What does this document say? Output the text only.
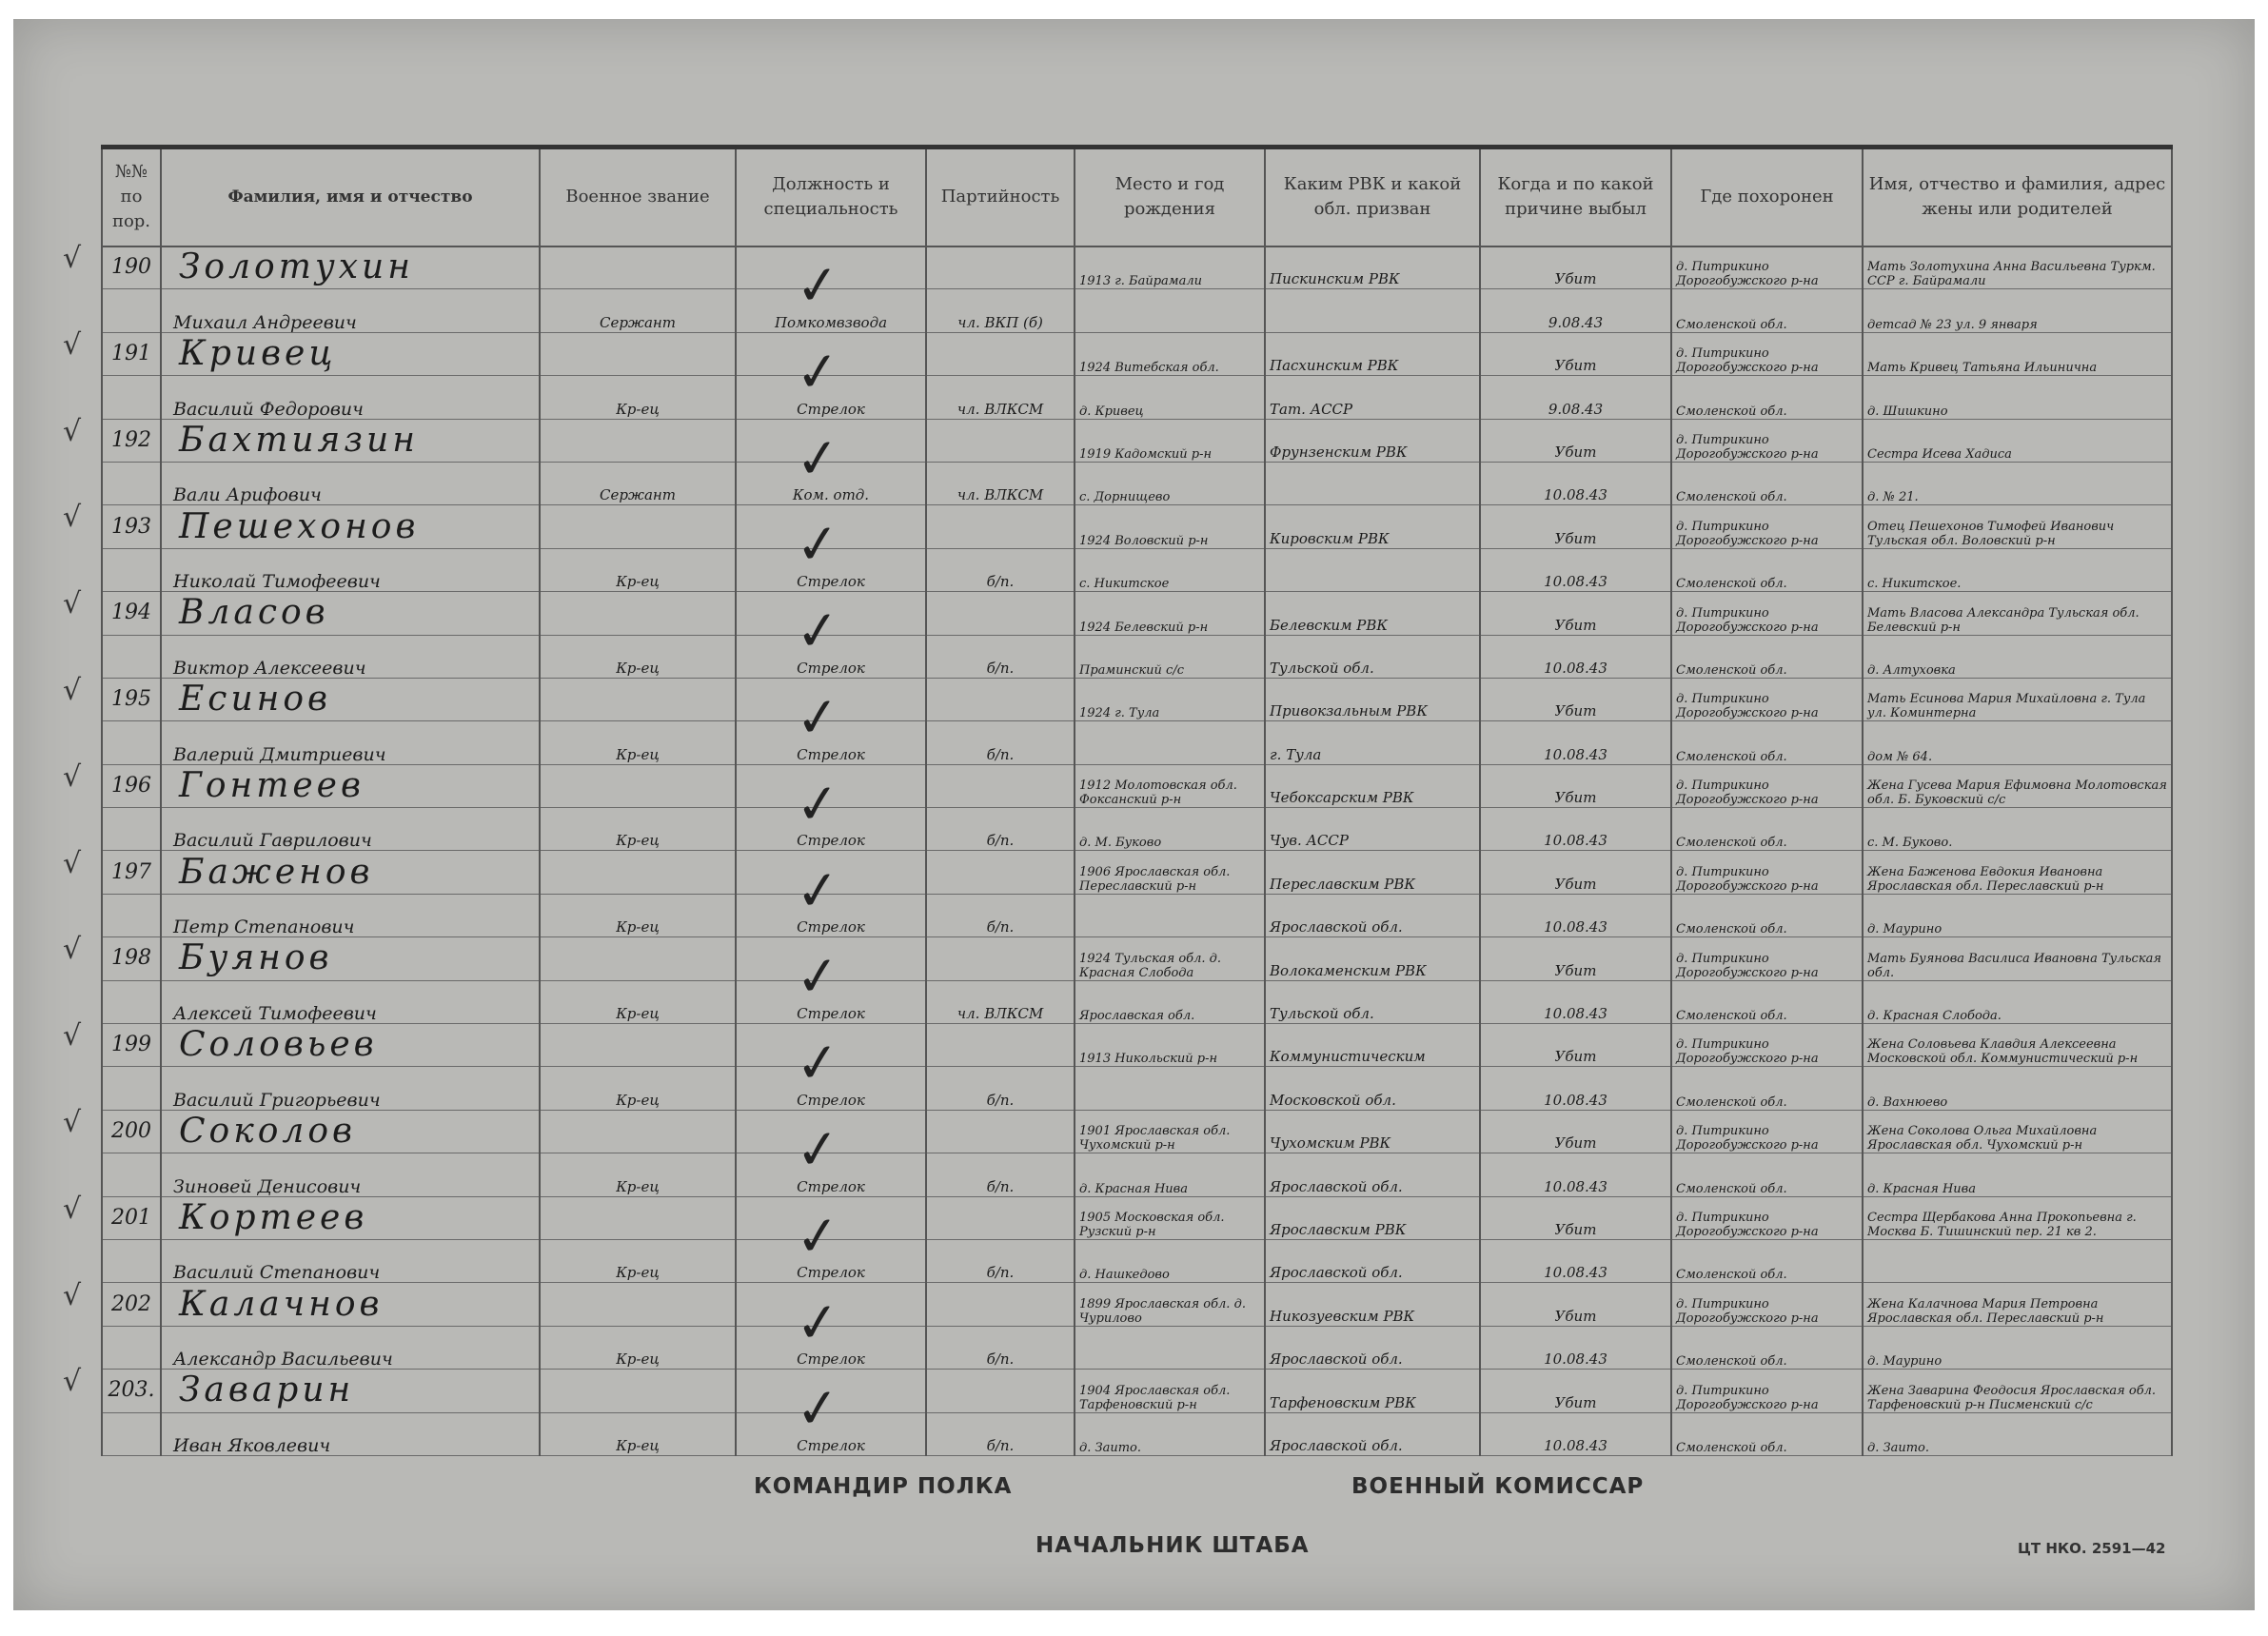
№№ по пор.	Фамилия, имя и отчество	Военное звание	Должность и специальность	Партийность	Место и год рождения	Каким РВК и какой обл. призван	Когда и по какой причине выбыл	Где похоронен	Имя, отчество и фамилия, адрес жены или родителей
190	Золотухин				1913 г. Байрамали	Пискинским РВК	Убит	д. Питрикино Дорогобужского р-на	Мать Золотухина Анна Васильевна Туркм. ССР г. Байрамали
	Михаил Андреевич	Сержант	Помкомвзвода	чл. ВКП (б)			9.08.43	Смоленской обл.	детсад № 23 ул. 9 января
191	Кривец				1924 Витебская обл.	Пасхинским РВК	Убит	д. Питрикино Дорогобужского р-на	Мать Кривец Татьяна Ильинична
	Василий Федорович	Кр-ец	Стрелок	чл. ВЛКСМ	д. Кривец	Тат. АССР	9.08.43	Смоленской обл.	д. Шишкино
192	Бахтиязин				1919 Кадомский р-н	Фрунзенским РВК	Убит	д. Питрикино Дорогобужского р-на	Сестра Исева Хадиса
	Вали Арифович	Сержант	Ком. отд.	чл. ВЛКСМ	с. Дорнищево		10.08.43	Смоленской обл.	д. № 21.
193	Пешехонов				1924 Воловский р-н	Кировским РВК	Убит	д. Питрикино Дорогобужского р-на	Отец Пешехонов Тимофей Иванович Тульская обл. Воловский р-н
	Николай Тимофеевич	Кр-ец	Стрелок	б/п.	с. Никитское		10.08.43	Смоленской обл.	с. Никитское.
194	Власов				1924 Белевский р-н	Белевским РВК	Убит	д. Питрикино Дорогобужского р-на	Мать Власова Александра Тульская обл. Белевский р-н
	Виктор Алексеевич	Кр-ец	Стрелок	б/п.	Праминский с/с	Тульской обл.	10.08.43	Смоленской обл.	д. Алтуховка
195	Есинов				1924 г. Тула	Привокзальным РВК	Убит	д. Питрикино Дорогобужского р-на	Мать Есинова Мария Михайловна г. Тула ул. Коминтерна
	Валерий Дмитриевич	Кр-ец	Стрелок	б/п.		г. Тула	10.08.43	Смоленской обл.	дом № 64.
196	Гонтеев				1912 Молотовская обл. Фоксанский р-н	Чебоксарским РВК	Убит	д. Питрикино Дорогобужского р-на	Жена Гусева Мария Ефимовна Молотовская обл. Б. Буковский с/с
	Василий Гаврилович	Кр-ец	Стрелок	б/п.	д. М. Буково	Чув. АССР	10.08.43	Смоленской обл.	с. М. Буково.
197	Баженов				1906 Ярославская обл. Переславский р-н	Переславским РВК	Убит	д. Питрикино Дорогобужского р-на	Жена Баженова Евдокия Ивановна Ярославская обл. Переславский р-н
	Петр Степанович	Кр-ец	Стрелок	б/п.		Ярославской обл.	10.08.43	Смоленской обл.	д. Маурино
198	Буянов				1924 Тульская обл. д. Красная Слобода	Волокаменским РВК	Убит	д. Питрикино Дорогобужского р-на	Мать Буянова Василиса Ивановна Тульская обл.
	Алексей Тимофеевич	Кр-ец	Стрелок	чл. ВЛКСМ	Ярославская обл.	Тульской обл.	10.08.43	Смоленской обл.	д. Красная Слобода.
199	Соловьев				1913 Никольский р-н	Коммунистическим	Убит	д. Питрикино Дорогобужского р-на	Жена Соловьева Клавдия Алексеевна Московской обл. Коммунистический р-н
	Василий Григорьевич	Кр-ец	Стрелок	б/п.		Московской обл.	10.08.43	Смоленской обл.	д. Вахнюево
200	Соколов				1901 Ярославская обл. Чухомский р-н	Чухомским РВК	Убит	д. Питрикино Дорогобужского р-на	Жена Соколова Ольга Михайловна Ярославская обл. Чухомский р-н
	Зиновей Денисович	Кр-ец	Стрелок	б/п.	д. Красная Нива	Ярославской обл.	10.08.43	Смоленской обл.	д. Красная Нива
201	Кортеев				1905 Московская обл. Рузский р-н	Ярославским РВК	Убит	д. Питрикино Дорогобужского р-на	Сестра Щербакова Анна Прокопьевна г. Москва Б. Тишинский пер. 21 кв 2.
	Василий Степанович	Кр-ец	Стрелок	б/п.	д. Нашкедово	Ярославской обл.	10.08.43	Смоленской обл.	
202	Калачнов				1899 Ярославская обл. д. Чурилово	Никозуевским РВК	Убит	д. Питрикино Дорогобужского р-на	Жена Калачнова Мария Петровна Ярославская обл. Переславский р-н
	Александр Васильевич	Кр-ец	Стрелок	б/п.		Ярославской обл.	10.08.43	Смоленской обл.	д. Маурино
203.	Заварин				1904 Ярославская обл. Тарфеновский р-н	Тарфеновским РВК	Убит	д. Питрикино Дорогобужского р-на	Жена Заварина Феодосия Ярославская обл. Тарфеновский р-н Писменский с/с
	Иван Яковлевич	Кр-ец	Стрелок	б/п.	д. Заито.	Ярославской обл.	10.08.43	Смоленской обл.	д. Заито.
✓
√
✓
√
✓
√
✓
√
✓
√
✓
√
✓
√
✓
√
✓
√
✓
√
✓
√
✓
√
✓
√
✓
√
КОМАНДИР ПОЛКА	ВОЕННЫЙ КОМИССАР
НАЧАЛЬНИК ШТАБА	ЦТ НКО. 2591—42
